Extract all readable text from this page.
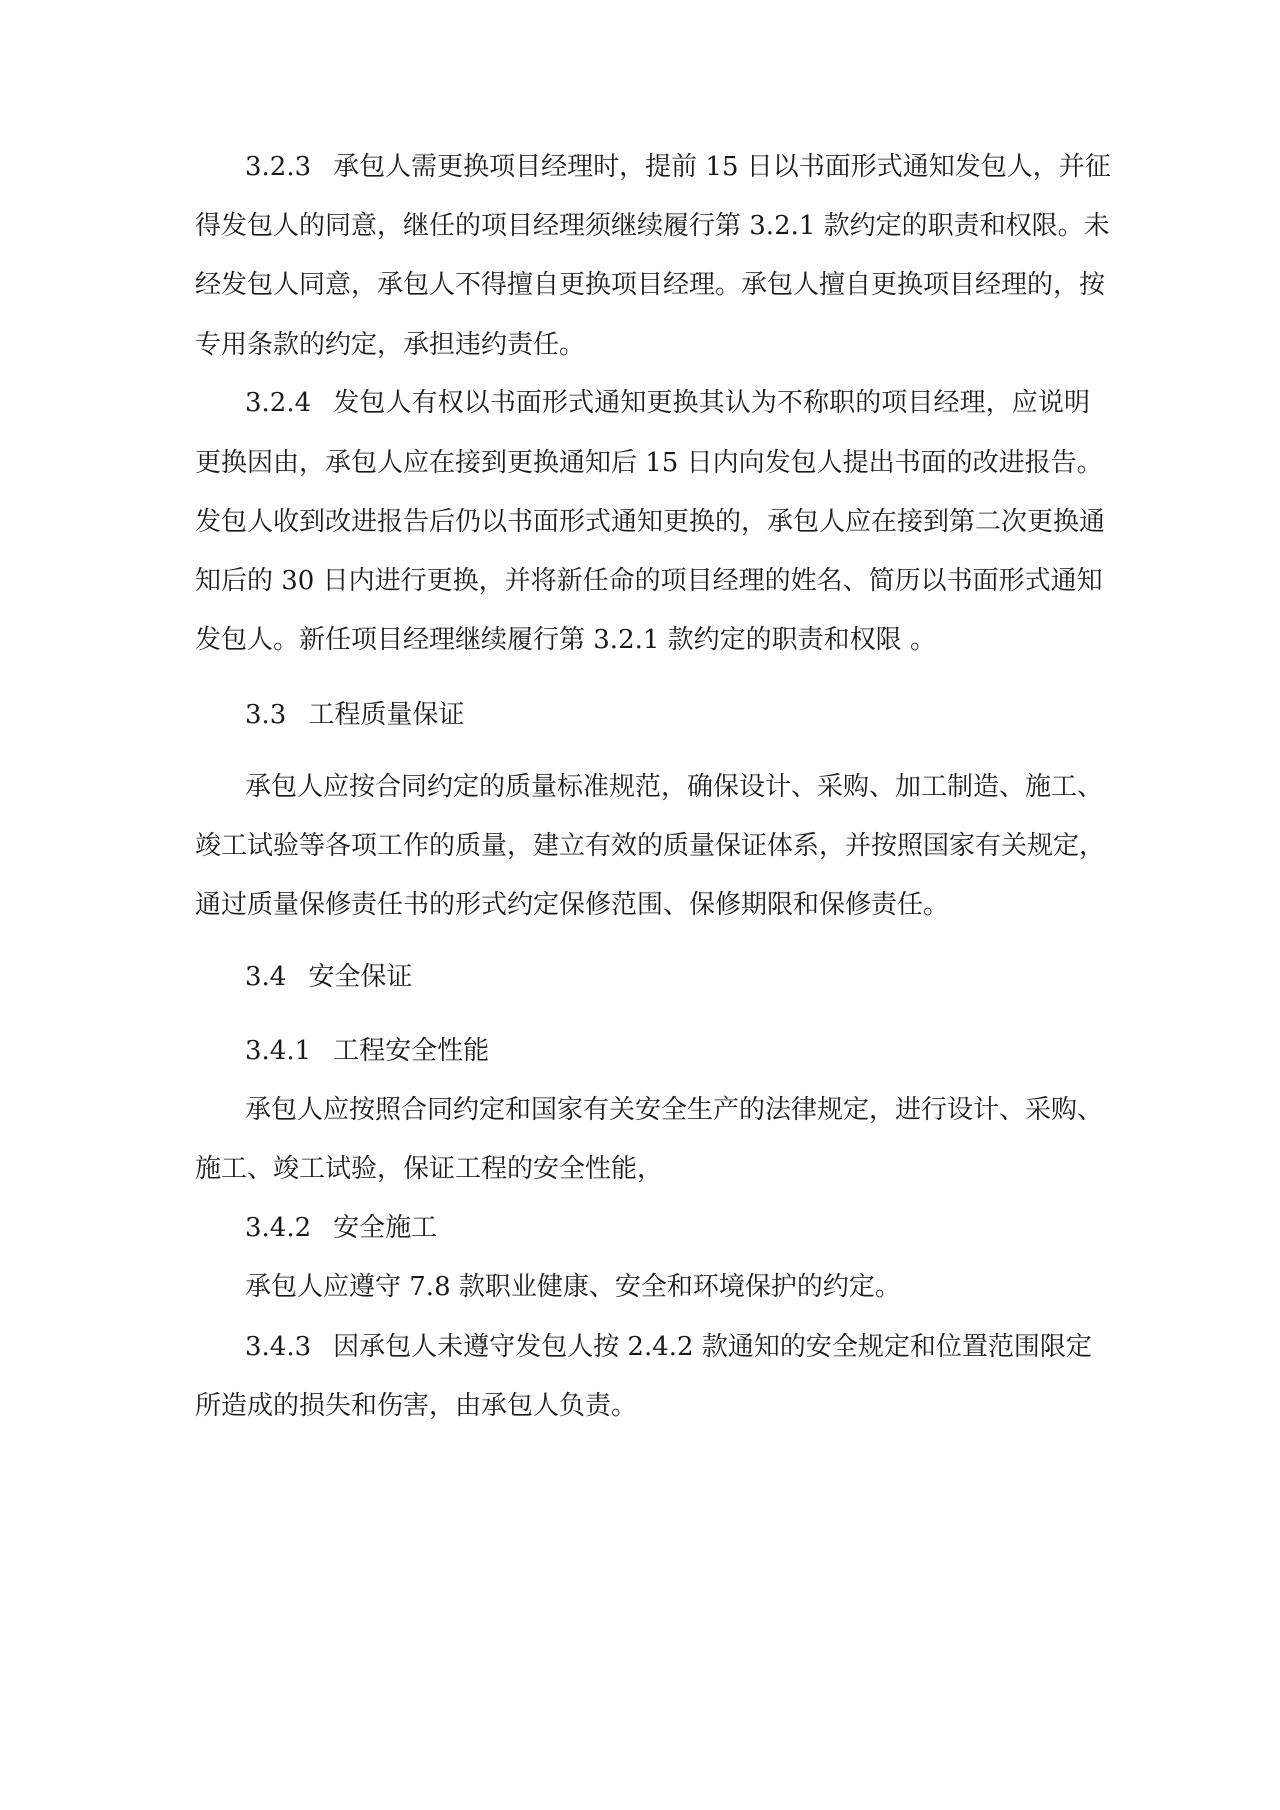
3.2.3 承包人需更换项目经理时，提前 15 日以书面形式通知发包人，并征
得发包人的同意，继任的项目经理须继续履行第 3.2.1 款约定的职责和权限。未
经发包人同意，承包人不得擅自更换项目经理。承包人擅自更换项目经理的，按
专用条款的约定，承担违约责任。
3.2.4 发包人有权以书面形式通知更换其认为不称职的项目经理，应说明
更换因由，承包人应在接到更换通知后 15 日内向发包人提出书面的改进报告。
发包人收到改进报告后仍以书面形式通知更换的，承包人应在接到第二次更换通
知后的 30 日内进行更换，并将新任命的项目经理的姓名、简历以书面形式通知
发包人。新任项目经理继续履行第 3.2.1 款约定的职责和权限 。
3.3 工程质量保证
承包人应按合同约定的质量标准规范，确保设计、采购、加工制造、施工、
竣工试验等各项工作的质量，建立有效的质量保证体系，并按照国家有关规定，
通过质量保修责任书的形式约定保修范围、保修期限和保修责任。
3.4 安全保证
3.4.1 工程安全性能
承包人应按照合同约定和国家有关安全生产的法律规定，进行设计、采购、
施工、竣工试验，保证工程的安全性能，
3.4.2 安全施工
承包人应遵守 7.8 款职业健康、安全和环境保护的约定。
3.4.3 因承包人未遵守发包人按 2.4.2 款通知的安全规定和位置范围限定
所造成的损失和伤害，由承包人负责。
